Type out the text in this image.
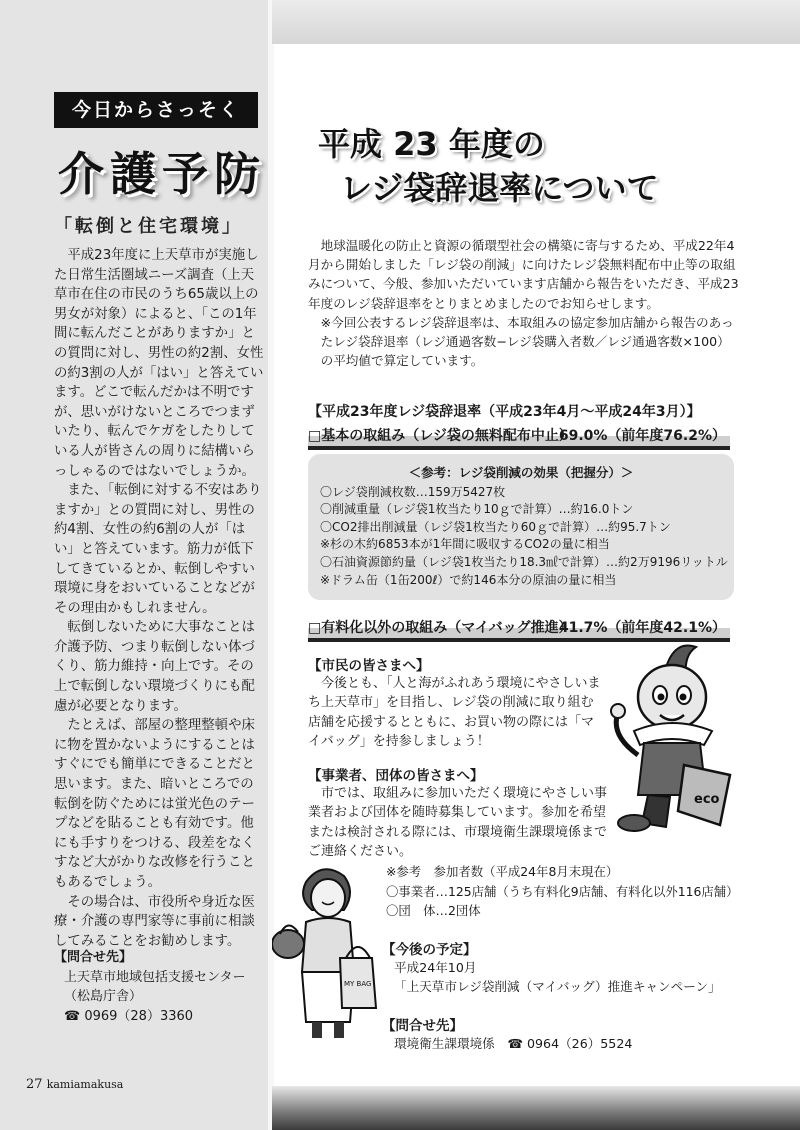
今日からさっそく
介護予防
「転倒と住宅環境」

平成23年度に上天草市が実施した日常生活圏域ニーズ調査（上天草市在住の市民のうち65歳以上の男女が対象）によると、「この1年間に転んだことがありますか」との質問に対し、男性の約2割、女性の約3割の人が「はい」と答えています。どこで転んだかは不明ですが、思いがけないところでつまずいたり、転んでケガをしたりしている人が皆さんの周りに結構いらっしゃるのではないでしょうか。

また、「転倒に対する不安はありますか」との質問に対し、男性の約4割、女性の約6割の人が「はい」と答えています。筋力が低下してきているとか、転倒しやすい環境に身をおいていることなどがその理由かもしれません。

転倒しないために大事なことは介護予防、つまり転倒しない体づくり、筋力維持・向上です。その上で転倒しない環境づくりにも配慮が必要となります。

たとえば、部屋の整理整頓や床に物を置かないようにすることはすぐにでも簡単にできることだと思います。また、暗いところでの転倒を防ぐためには蛍光色のテープなどを貼ることも有効です。他にも手すりをつける、段差をなくすなど大がかりな改修を行うこともあるでしょう。

その場合は、市役所や身近な医療・介護の専門家等に事前に相談してみることをお勧めします。

【問合せ先】
上天草市地域包括支援センター
（松島庁舎）
☎ 0969（28）3360
27 kamiamakusa
平成 23 年度の
レジ袋辞退率について

地球温暖化の防止と資源の循環型社会の構築に寄与するため、平成22年4月から開始しました「レジ袋の削減」に向けたレジ袋無料配布中止等の取組みについて、今般、参加いただいています店舗から報告をいただき、平成23年度のレジ袋辞退率をとりまとめましたのでお知らせします。

※今回公表するレジ袋辞退率は、本取組みの協定参加店舗から報告のあったレジ袋辞退率（レジ通過客数−レジ袋購入者数／レジ通過客数×100）の平均値で算定しています。

【平成23年度レジ袋辞退率（平成23年4月〜平成24年3月）】
□基本の取組み（レジ袋の無料配布中止）
69.0%（前年度76.2%）
＜参考：レジ袋削減の効果（把握分）＞
〇レジ袋削減枚数…159万5427枚
〇削減重量（レジ袋1枚当たり10ｇで計算）…約16.0トン
〇CO2排出削減量（レジ袋1枚当たり60ｇで計算）…約95.7トン
※杉の木約6853本が1年間に吸収するCO2の量に相当
〇石油資源節約量（レジ袋1枚当たり18.3㎖で計算）…約2万9196リットル
※ドラム缶（1缶200ℓ）で約146本分の原油の量に相当
□有料化以外の取組み（マイバッグ推進）
41.7%（前年度42.1%）
【市民の皆さまへ】

今後とも、「人と海がふれあう環境にやさしいまち上天草市」を目指し、レジ袋の削減に取り組む店舗を応援するとともに、お買い物の際には「マイバッグ」を持参しましょう！

eco
【事業者、団体の皆さまへ】

市では、取組みに参加いただく環境にやさしい事業者および団体を随時募集しています。参加を希望または検討される際には、市環境衛生課環境係までご連絡ください。

※参考　参加者数（平成24年8月末現在）

〇事業者…125店舗（うち有料化9店舗、有料化以外116店舗）

〇団　体…2団体

【今後の予定】

平成24年10月

「上天草市レジ袋削減（マイバッグ）推進キャンペーン」

【問合せ先】
環境衛生課環境係　☎ 0964（26）5524
MY BAG
